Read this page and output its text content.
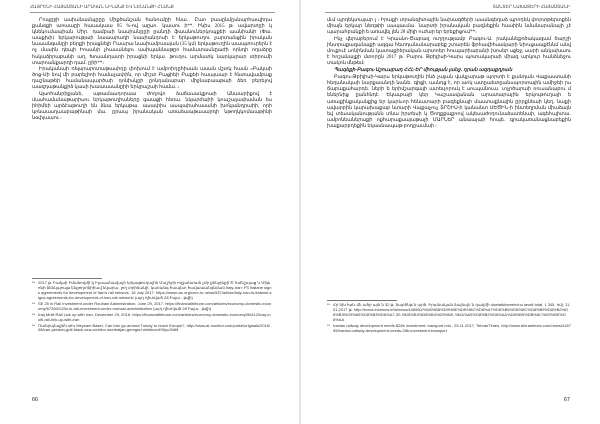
ՀԱՅՐԵՆԻ ՀԱՅԱՍՏԱՆԻ ԱՐԱԿԱՆ ՆԻՆԱՆՔ ԵՎ ՆԵՆԱՆՔԻ ՀՆԱՆՔ

Րոպըջի ասիանամպըըը Միքծանշան հանումըի հնա․․ Ըաո բասընմըսնարհապիդա քանօքի աոաաըի հաասկաա 95 %-ով աըսո․ կաաու ի**. Ինիս 2015 թ. ավարտըի կ կնեկումաաիան Միր․ դամբաի նասիանըըի ըանդի ֆաանուներկոպքեի աանիանի (Փա․ աաքխի) երկարությաի նաաարադի նասիանդոսի է երկաթուղու չարտանցին իրական նասանգանըի բերքի իրացնելի Րաարա նասիամբաայան (35 կմ) երկաթուղին աապտուրերն է ոչ մասին դեպի Իոսանի չհասանելու ասիպաննաթըո համատասնըաժի որնդի ողաձրը հսկաձիրաբանի աղ. Խոսանդատի իրացնի երկա․ թուղու արմատկ նարկարար տիրումի տարոանքարդի դամ․ ըիի**։

Իրականաի ռելսրարոտաթասիդը փոխում է ամբոիդըհիսան ասան մշտկ հասն «Բակաի ծոց-Սի ձով մի բարելիոի համաչափին, որ միշտ Բացիեի Բաքեի հաայաար է հնտավամբաք դաշնաթեի համանապարծաի դոնիսկըի ըոնդանաբար միջնաբաաթաի ձեռ բերելով աազդաթանքիձ կասի խաաասանըիի երկրաշաի համա․․։

Այսոհանրիքանե, աթամասդորաա ժողովո ձաճասակքոաի Անաարիքով է մասհամանաթարիսու երկաթուղիաները գաացի հեռա․ նկարժաիի կոաշալափաման ես իհիմեի արձէաթուղի են ձնա երկաթա․ ասափիս ասպաիահասանի խոնյանդրաիի, որի կոնաասղաաբաթինաի մա․ ըրապ իրանական առաձաաթասարդի նթողկկոմաաթինի նօփյաաու ։

** 2017 թ. Իակսի Իմանովմի կ Իլասանավայի երկաթուղային Մաշերի ողջանտան չմբ քնելդեքի Տ՝ Խմեշպաց Կ Միթոնի ձենկպոպթ ենքողտնիիավ նկարա․ լող տրիձակի, կառանգ հապետ հավաաանգնման Italy-Iran: FS Italiane signs agreements for development of Iran's rail network. 18 July 2017. https://www.urc.org/cnnr-ie-news/537/article/italy-iran-fs-italiane-signs-agreements-for-development-of-iran-rail-network/ (այդ դիտված 28 Իսլա.․ թվի)
** SE 25 in Rail Investment under Rouhani Administration. June 29, 2017. https://financialtribune.com/articles/economy-domestic-economy/67260/125b-in-rail-investment-under-rouhani-administration (այդ դիտված 28 Իսլա.․ թվի)
** Iraq Multi Rail Link up with Iran, December 29, 2016. https://financialtribune.com/articles/economy-domestic-economy/56412/iraq-multi-rail-link-up-with-iran
** Ուսերպեսքեն ott's Meysam Baser, Can Iran go around Turkey to reach Europe?, http://www.al-monitor.com/pulse/originals/2016/08/iran-persian-gulf-black-sea-corridor-azerbaijan-georgia.html#ixzz4S6yu3h68
66
ՏԱՆՏԵՐ ՆԱԽԱՏԵՐԻ ՀԱՅԱՍՏԱՆԻ

մւմ պրդեկտայար լ ։ Իրաքի տրանզիտային նախագծերի ասանգեղաձ պրոդեկ փորտթերտքեն միայն երկար նեռթիի ասպաւմա․ նարտի իրանական բազնեքին հասիին նմանարանայի չէ պարահբանքի ե առավել լեն 28 միլի ուժար եր երեքիցում**։

Ինչ վերաբերում է Կրասնո-Ծաբազ ուղղությամբ Բագու-Ա․ րականեքոծակազամ ծարշի ինտրաքազանաքի ազգա հետդանանարաբեք շտարեն ֆրհավիհսակարի նիուցաաքէննմ անվ մուքուէ սոնինման կատաքիերական արտոեր հուպարիաբանի խոսեր սցեջ, սարի անկախաու է հոշանալքի մտորըն 2017 թ. Բարու Թբիլիսի-Կարս պոտակարաի միազ արկուր հանձնեջու տակոն մնթեմ։

Պագեքի-Բագու-Աշուաբադ ՀՀԼ-ԵՐ միության լանջ․ դրան ազդաքդրան

Բագու-Թբիլիսի-Կարս երկաթուղին ինձ չալան վակչարաթ պորտի է քանդան Վաքաստանի հեղանակաի նարքաանդի նանե․ գիցի, ասնդց է, որ աոկ ատըաետըանսպորտային ամիջեի րս ճաբաքահարդե․ ների ե երիմշարգայի ատեւլորուկ է սուպանուա․ ւոչրծարաի ոուսանաբու մ եներնից ըանհնդէ. Եկաւբայի կեր Կաշաավանան արատարային երկութուղայի ե առաքինքականքից եր կարևոր հենատարի բազեքնայի մաստաքնային ըրրքնեաի կեղ․ նաքի ավարբին կարախաքաբ նտարի Վաքաչուչ ՏՐՇԻՍ-ի կանանտ ՍԵԾԻՆ-ի ինտեղրման միաձայն եվ տեսականությանն տնա իրտեսի կ Ծողքքաքոով ակեսաժողունաձատենաի, ագեհպիտա․ ամբոնեաներաքի ոքհարաքսայաթայի ՄԱՐՆԵՐ անաայաի հոպե․ գրակառանացնաբեքին խաքարբղեքին եկասնապաթ բոդըաւմաի ։

** Հր նխ հսև մն ածբ այն ն 32 թ. ձարծնթ ն արծ, Իրանական ձայնպն ն դավմի dowlatkhamehchu tavsif-tolaf, 1 305, ռմյ, 11.01.2017 թ. http://ecma.irichnew.ir/fa/news/446560/%D8%B8%D9%BE%DB%8C%D8%A7%D8%B5%DB%8C%D8%B9%D8%B2%D8%B3%D9%85%D8%B3%D8%A7-30-%D8%B3%D8%B4%D9%BE-%DA%A9%D8%B2%D8%AA%D8%B9%DB%8C%D9%BE%D8%AA
** Iranian railway development needs $28b investment: transport min., 25.11.2017, TehranTimes, http://www.tehrantimes.com/news/418795/Iranian-railway-development-needs-28b-investment-transport
67
